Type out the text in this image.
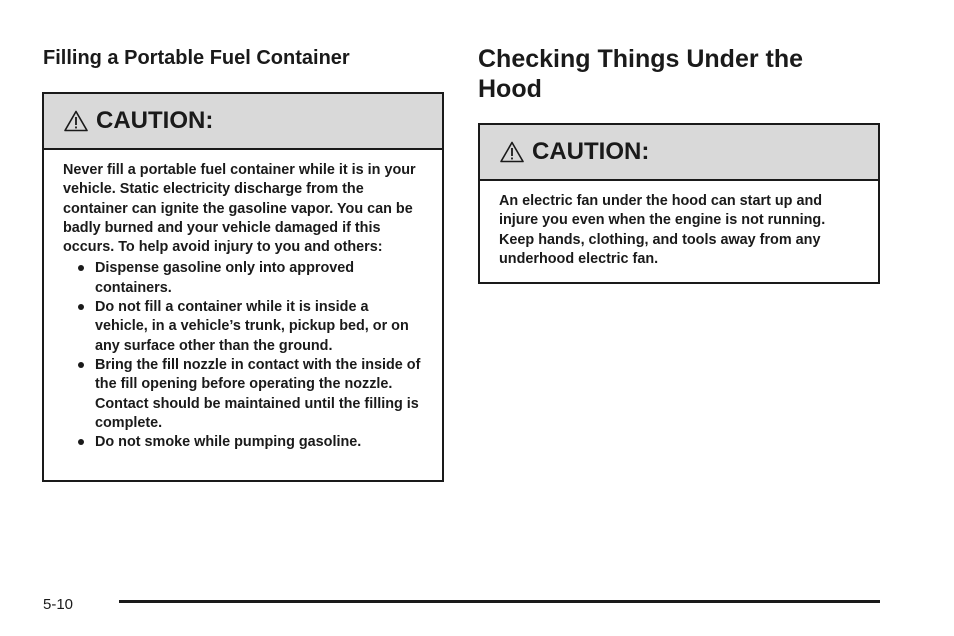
Filling a Portable Fuel Container
CAUTION:

Never fill a portable fuel container while it is in your vehicle. Static electricity discharge from the container can ignite the gasoline vapor. You can be badly burned and your vehicle damaged if this occurs. To help avoid injury to you and others:

Dispense gasoline only into approved containers.
Do not fill a container while it is inside a vehicle, in a vehicle’s trunk, pickup bed, or on any surface other than the ground.
Bring the fill nozzle in contact with the inside of the fill opening before operating the nozzle. Contact should be maintained until the filling is complete.
Do not smoke while pumping gasoline.
Checking Things Under the Hood
CAUTION:

An electric fan under the hood can start up and injure you even when the engine is not running. Keep hands, clothing, and tools away from any underhood electric fan.

5-10
